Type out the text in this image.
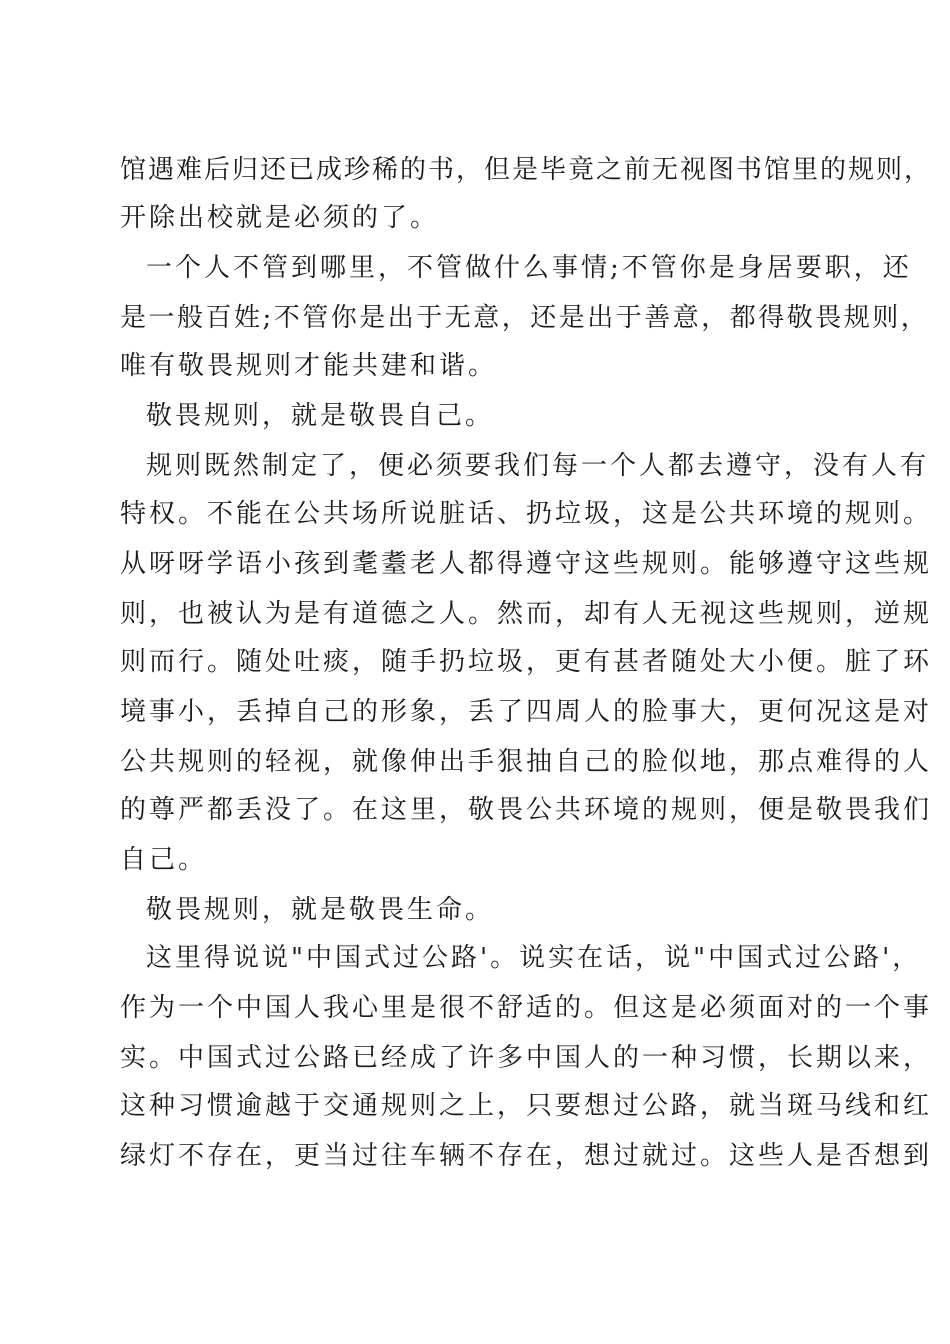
馆遇难后归还已成珍稀的书，但是毕竟之前无视图书馆里的规则，
开除出校就是必须的了。
一个人不管到哪里，不管做什么事情;不管你是身居要职，还
是一般百姓;不管你是出于无意，还是出于善意，都得敬畏规则，
唯有敬畏规则才能共建和谐。
敬畏规则，就是敬畏自己。
规则既然制定了，便必须要我们每一个人都去遵守，没有人有
特权。不能在公共场所说脏话、扔垃圾，这是公共环境的规则。
从呀呀学语小孩到耄耋老人都得遵守这些规则。能够遵守这些规
则，也被认为是有道德之人。然而，却有人无视这些规则，逆规
则而行。随处吐痰，随手扔垃圾，更有甚者随处大小便。脏了环
境事小，丢掉自己的形象，丢了四周人的脸事大，更何况这是对
公共规则的轻视，就像伸出手狠抽自己的脸似地，那点难得的人
的尊严都丢没了。在这里，敬畏公共环境的规则，便是敬畏我们
自己。
敬畏规则，就是敬畏生命。
这里得说说"中国式过公路'。说实在话，说"中国式过公路'，
作为一个中国人我心里是很不舒适的。但这是必须面对的一个事
实。中国式过公路已经成了许多中国人的一种习惯，长期以来，
这种习惯逾越于交通规则之上，只要想过公路，就当斑马线和红
绿灯不存在，更当过往车辆不存在，想过就过。这些人是否想到
